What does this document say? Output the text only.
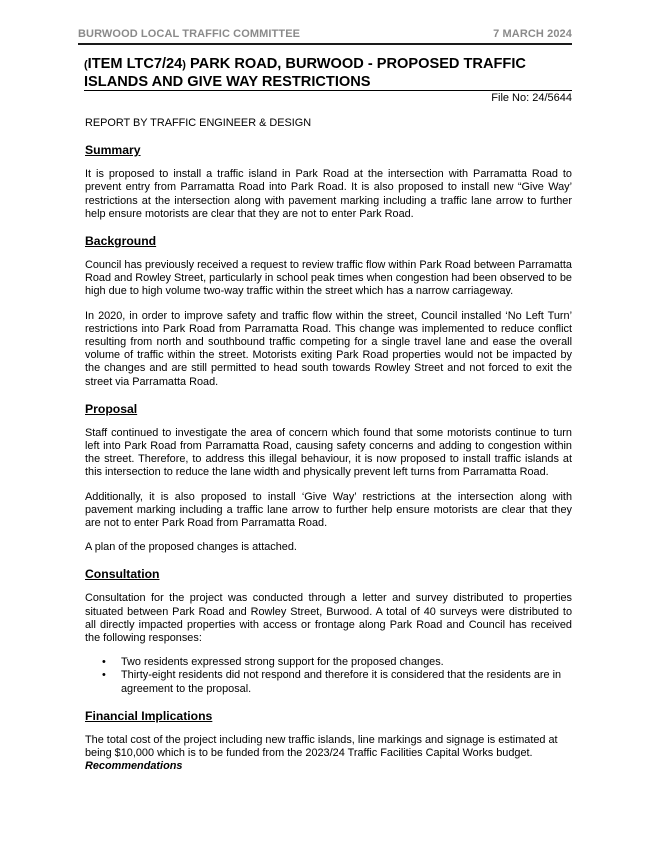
BURWOOD LOCAL TRAFFIC COMMITTEE	7 MARCH 2024
(ITEM LTC7/24) PARK ROAD, BURWOOD - PROPOSED TRAFFIC ISLANDS AND GIVE WAY RESTRICTIONS
File No: 24/5644

REPORT BY TRAFFIC ENGINEER & DESIGN

Summary

It is proposed to install a traffic island in Park Road at the intersection with Parramatta Road to prevent entry from Parramatta Road into Park Road. It is also proposed to install new “Give Way’ restrictions at the intersection along with pavement marking including a traffic lane arrow to further help ensure motorists are clear that they are not to enter Park Road.

Background

Council has previously received a request to review traffic flow within Park Road between Parramatta Road and Rowley Street, particularly in school peak times when congestion had been observed to be high due to high volume two-way traffic within the street which has a narrow carriageway.

In 2020, in order to improve safety and traffic flow within the street, Council installed ‘No Left Turn’ restrictions into Park Road from Parramatta Road. This change was implemented to reduce conflict resulting from north and southbound traffic competing for a single travel lane and ease the overall volume of traffic within the street. Motorists exiting Park Road properties would not be impacted by the changes and are still permitted to head south towards Rowley Street and not forced to exit the street via Parramatta Road.

Proposal

Staff continued to investigate the area of concern which found that some motorists continue to turn left into Park Road from Parramatta Road, causing safety concerns and adding to congestion within the street. Therefore, to address this illegal behaviour, it is now proposed to install traffic islands at this intersection to reduce the lane width and physically prevent left turns from Parramatta Road.

Additionally, it is also proposed to install ‘Give Way’ restrictions at the intersection along with pavement marking including a traffic lane arrow to further help ensure motorists are clear that they are not to enter Park Road from Parramatta Road.

A plan of the proposed changes is attached.

Consultation

Consultation for the project was conducted through a letter and survey distributed to properties situated between Park Road and Rowley Street, Burwood. A total of 40 surveys were distributed to all directly impacted properties with access or frontage along Park Road and Council has received the following responses:

• Two residents expressed strong support for the proposed changes.
• Thirty-eight residents did not respond and therefore it is considered that the residents are in agreement to the proposal.
Financial Implications

The total cost of the project including new traffic islands, line markings and signage is estimated at being $10,000 which is to be funded from the 2023/24 Traffic Facilities Capital Works budget.

Recommendations
